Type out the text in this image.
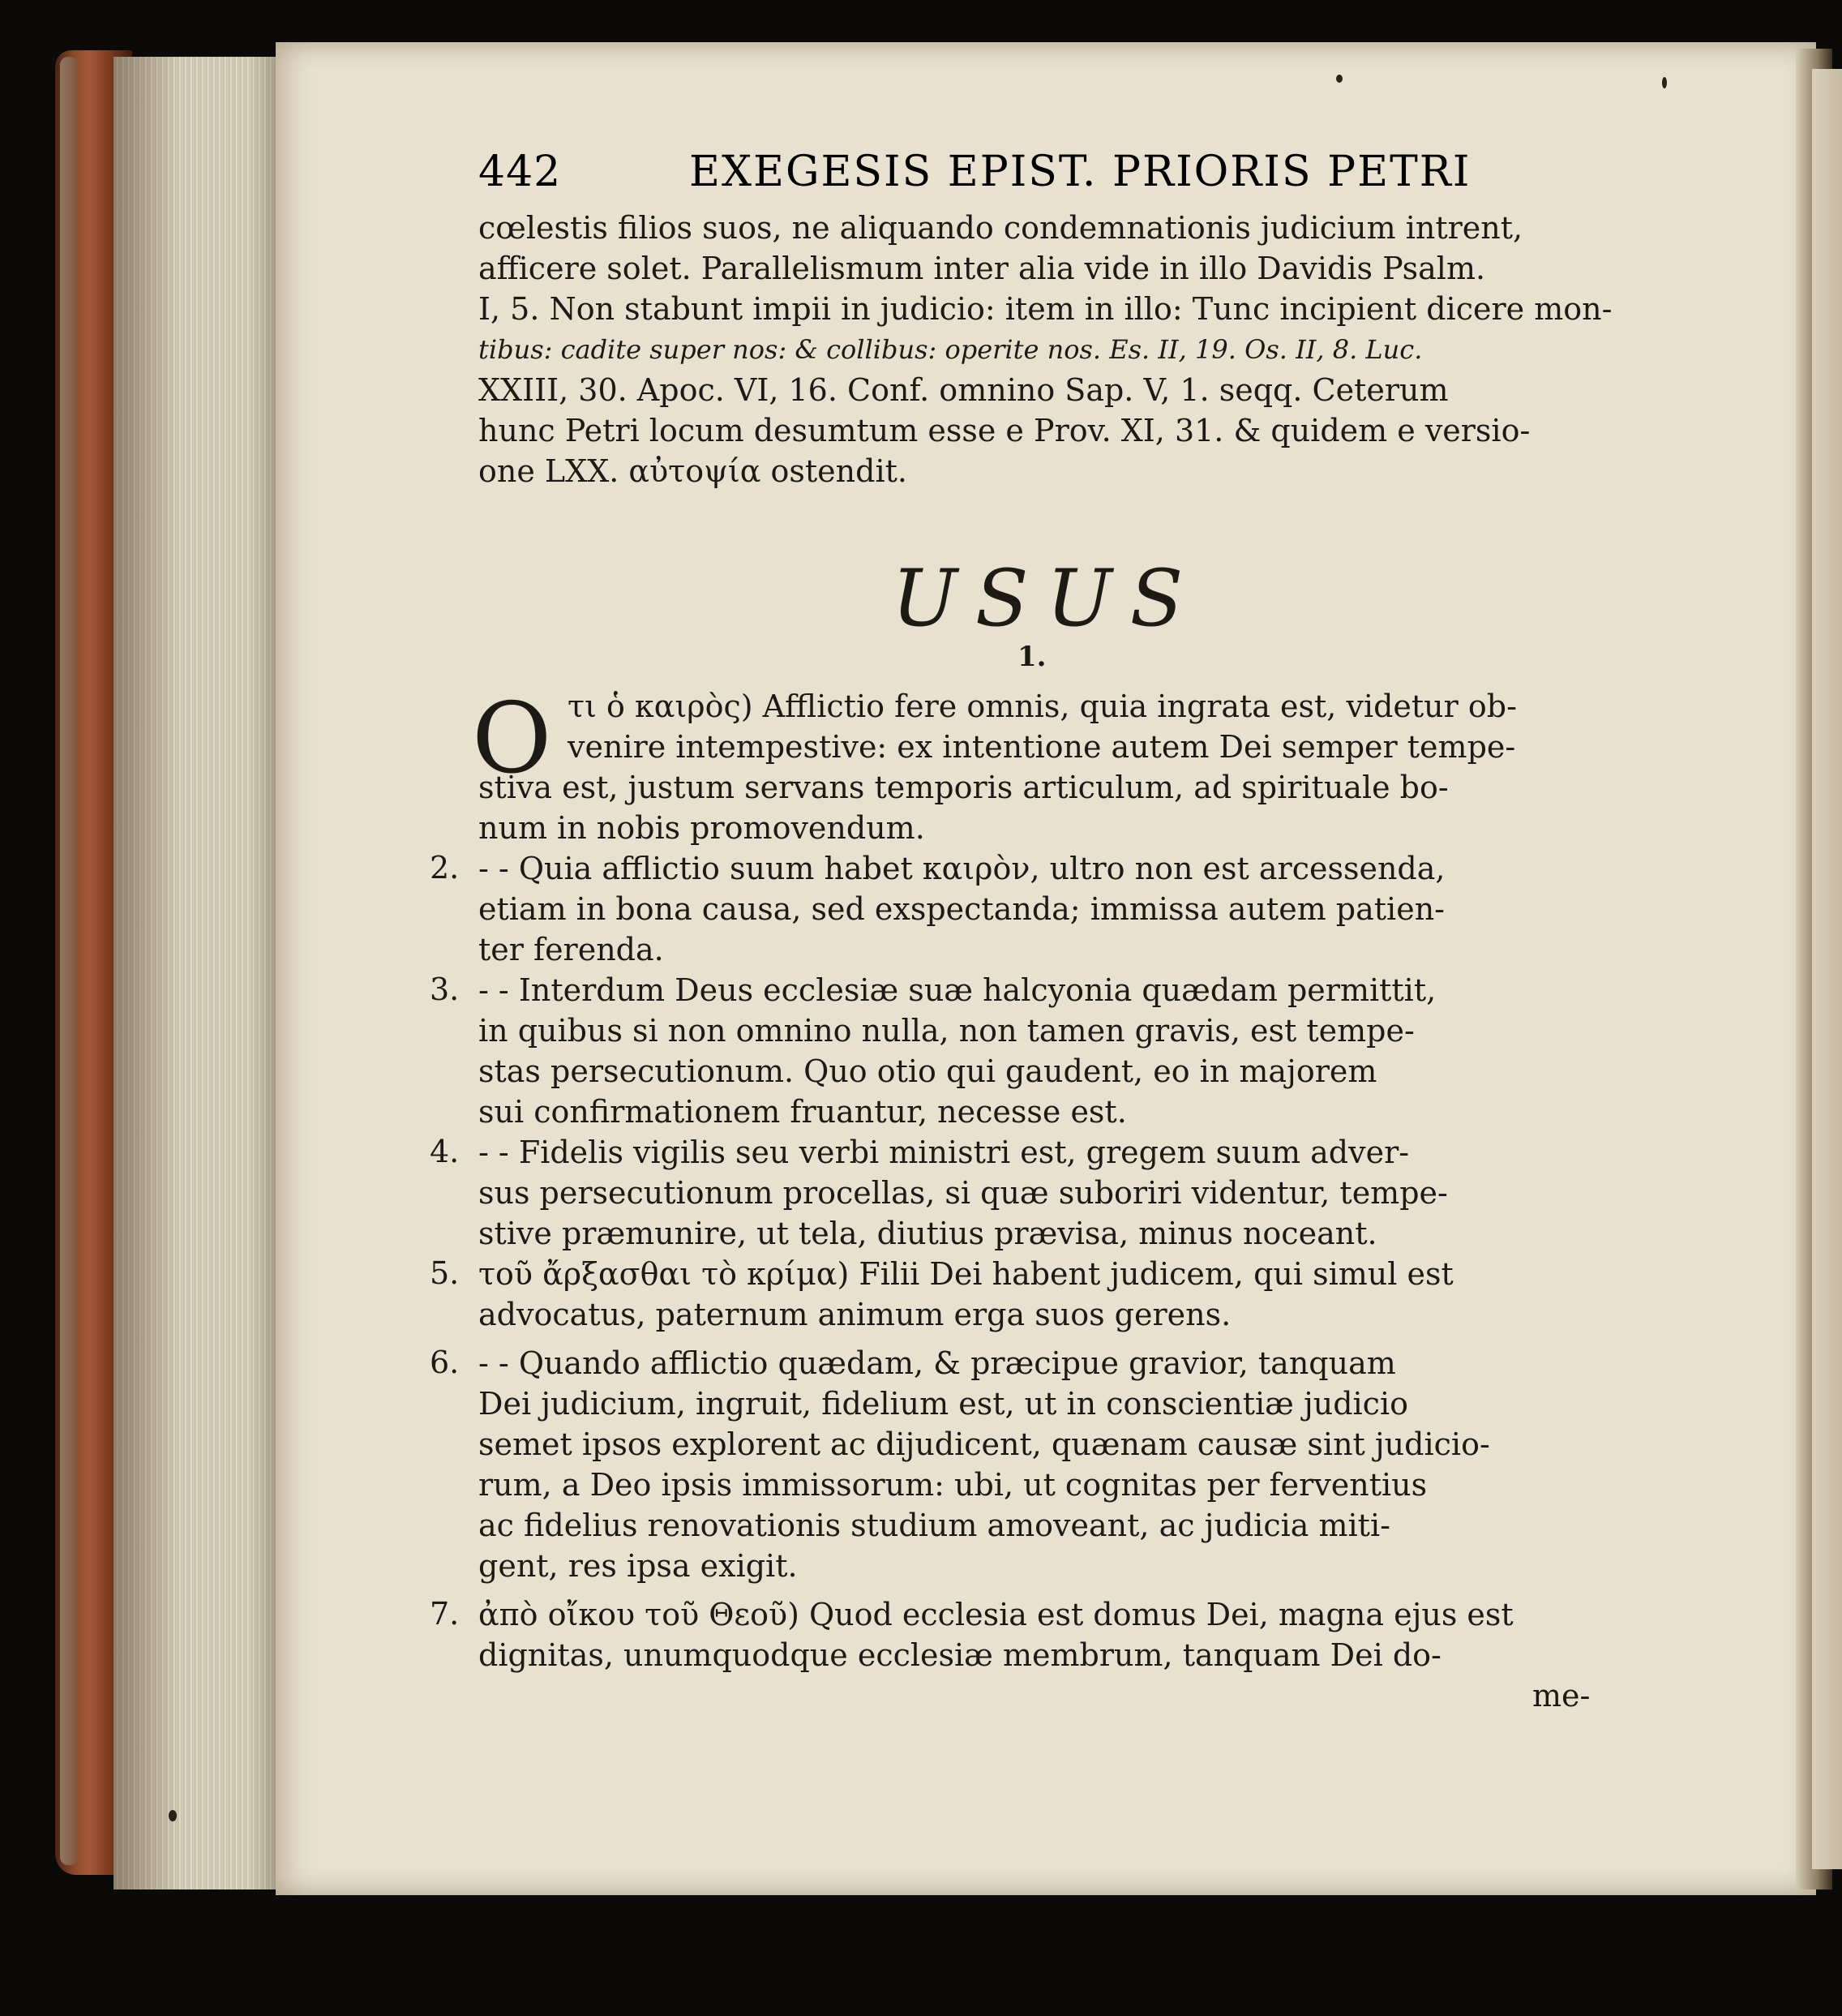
442	EXEGESIS EPIST. PRIORIS PETRI
cœlestis filios suos, ne aliquando condemnationis judicium intrent,
afficere solet. Parallelismum inter alia vide in illo Davidis Psalm.
I, 5. Non stabunt impii in judicio: item in illo: Tunc incipient dicere mon-
tibus: cadite super nos: & collibus: operite nos. Es. II, 19. Os. II, 8. Luc.
XXIII, 30. Apoc. VI, 16. Conf. omnino Sap. V, 1. seqq. Ceterum
hunc Petri locum desumtum esse e Prov. XI, 31. & quidem e versio-
one LXX. αὐτοψία ostendit.
USUS
1.
O τι ὁ καιρὸς) Afflictio fere omnis, quia ingrata est, videtur ob-
venire intempestive: ex intentione autem Dei semper tempe-
stiva est, justum servans temporis articulum, ad spirituale bo-
num in nobis promovendum.
2. - - Quia afflictio suum habet καιρὸν, ultro non est arcessenda,
etiam in bona causa, sed exspectanda; immissa autem patien-
ter ferenda.
3. - - Interdum Deus ecclesiæ suæ halcyonia quædam permittit,
in quibus si non omnino nulla, non tamen gravis, est tempe-
stas persecutionum. Quo otio qui gaudent, eo in majorem
sui confirmationem fruantur, necesse est.
4. - - Fidelis vigilis seu verbi ministri est, gregem suum adver-
sus persecutionum procellas, si quæ suboriri videntur, tempe-
stive præmunire, ut tela, diutius prævisa, minus noceant.
5. τοῦ ἄρξασθαι τὸ κρίμα) Filii Dei habent judicem, qui simul est
advocatus, paternum animum erga suos gerens.
6. - - Quando afflictio quædam, & præcipue gravior, tanquam
Dei judicium, ingruit, fidelium est, ut in conscientiæ judicio
semet ipsos explorent ac dijudicent, quænam causæ sint judicio-
rum, a Deo ipsis immissorum: ubi, ut cognitas per ferventius
ac fidelius renovationis studium amoveant, ac judicia miti-
gent, res ipsa exigit.
7. ἀπὸ οἴκου τοῦ Θεοῦ) Quod ecclesia est domus Dei, magna ejus est
dignitas, unumquodque ecclesiæ membrum, tanquam Dei do-
me-
